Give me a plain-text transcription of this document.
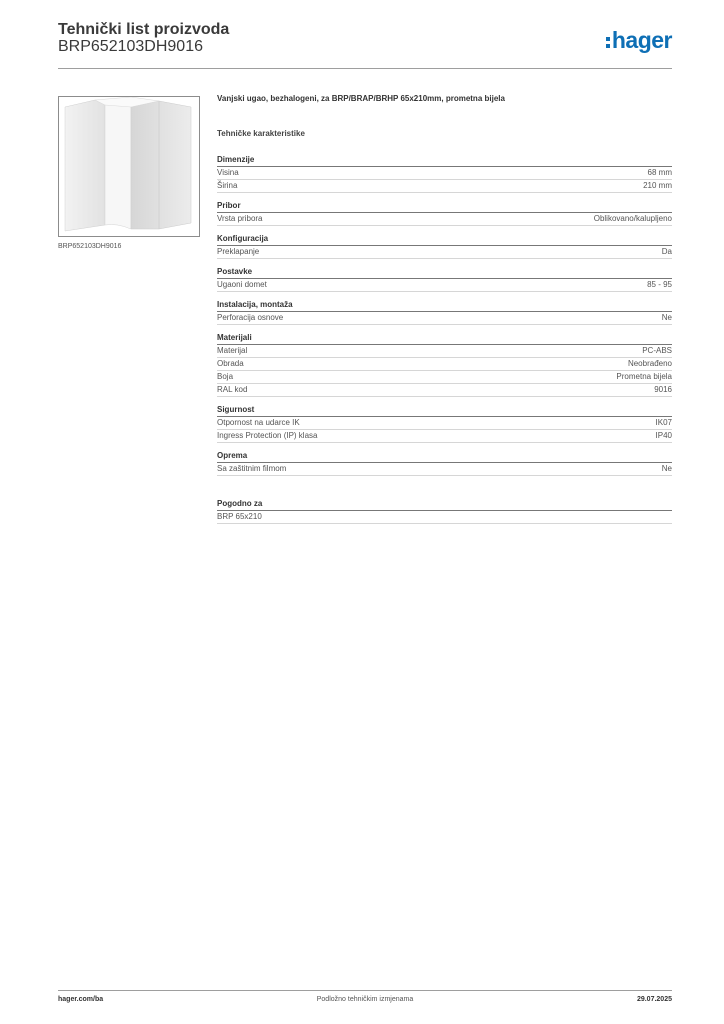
Tehnički list proizvoda
BRP652103DH9016	hager
BRP652103DH9016
Vanjski ugao, bezhalogeni, za BRP/BRAP/BRHP 65x210mm, prometna bijela
Tehničke karakteristike
Dimenzije
Visina	68 mm
Širina	210 mm
Pribor
Vrsta pribora	Oblikovano/kalupljeno
Konfiguracija
Preklapanje	Da
Postavke
Ugaoni domet	85 - 95
Instalacija, montaža
Perforacija osnove	Ne
Materijali
Materijal	PC-ABS
Obrada	Neobrađeno
Boja	Prometna bijela
RAL kod	9016
Sigurnost
Otpornost na udarce IK	IK07
Ingress Protection (IP) klasa	IP40
Oprema
Sa zaštitnim filmom	Ne
Pogodno za
BRP 65x210
Podložno tehničkim izmjenama
hager.com/ba	29.07.2025
